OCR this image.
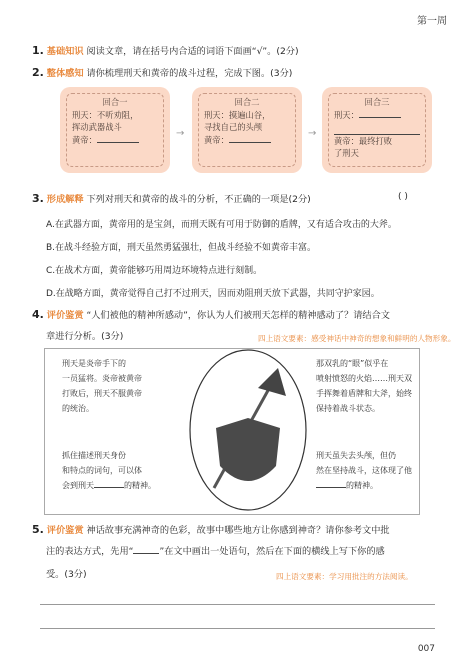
第一周
1. 基础知识 阅读文章，请在括号内合适的词语下面画“√”。(2分)
2. 整体感知 请你梳理刑天和黄帝的战斗过程，完成下图。(3分)
回合一
刑天：不听劝阻，
挥动武器战斗
黄帝：
→
回合二
刑天：摸遍山谷，
寻找自己的头颅
黄帝：
→
回合三
刑天：

黄帝：最终打败
了刑天
3. 形成解释 下列对刑天和黄帝的战斗的分析，不正确的一项是(2分)	( )
A.在武器方面，黄帝用的是宝剑，而刑天既有可用于防御的盾牌，又有适合攻击的大斧。
B.在战斗经验方面，刑天虽然勇猛强壮，但战斗经验不如黄帝丰富。
C.在战术方面，黄帝能够巧用周边环境特点进行刻制。
D.在战略方面，黄帝觉得自己打不过刑天，因而劝阻刑天放下武器，共同守护家园。
4. 评价鉴赏 “人们被他的精神所感动”，你认为人们被刑天怎样的精神感动了？请结合文
章进行分析。(3分)	四上语文要素：感受神话中神奇的想象和鲜明的人物形象。
刑天是炎帝手下的
一员猛将。炎帝被黄帝
打败后，刑天不服黄帝
的统治。
那双乳的“眼”似乎在
喷射愤怒的火焰……刑天双
手挥舞着盾牌和大斧，始终
保持着战斗状态。
抓住描述刑天身份
和特点的词句，可以体
会到刑天	的精神。
刑天虽失去头颅，但仍
然在坚持战斗，这体现了他
的精神。
5. 评价鉴赏 神话故事充满神奇的色彩，故事中哪些地方让你感到神奇？请你参考文中批
注的表达方式，先用“	”在文中画出一处语句，然后在下面的横线上写下你的感
受。(3分)	四上语文要素：学习用批注的方法阅读。
007
